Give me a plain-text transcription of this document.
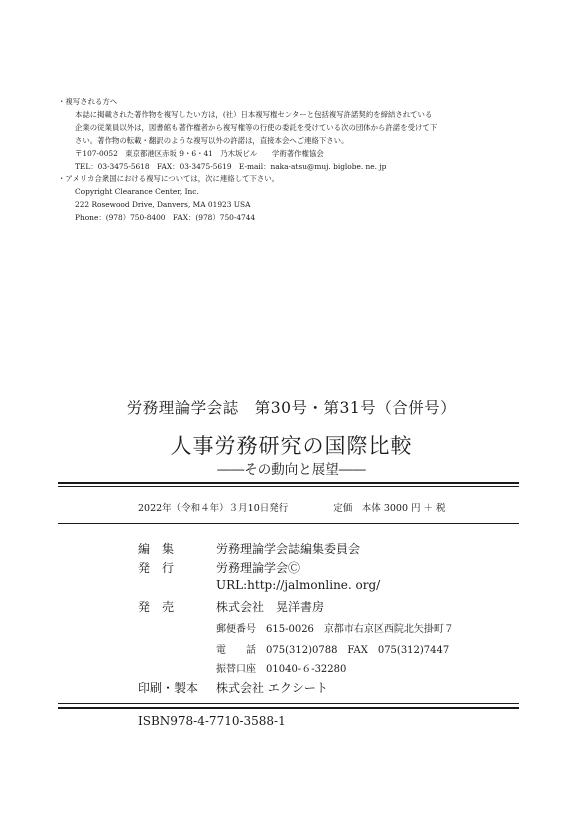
・複写される方へ
本誌に掲載された著作物を複写したい方は，(社）日本複写権センターと包括複写許諾契約を締結されている
企業の従業員以外は，図書館も著作権者から複写権等の行使の委託を受けている次の団体から許諾を受けて下
さい。著作物の転載・翻訳のような複写以外の許諾は，直接本会へご連絡下さい。
〒107-0052　東京都港区赤坂 9・6・41　乃木坂ビル　　学術著作権協会
TEL：03-3475-5618　FAX：03-3475-5619　E-mail：naka-atsu@muj. biglobe. ne. jp
・アメリカ合衆国における複写については，次に連絡して下さい。
Copyright Clearance Center, Inc.
222 Rosewood Drive, Danvers, MA 01923 USA
Phone：(978）750-8400　FAX：(978）750-4744
労務理論学会誌　第30号・第31号（合併号）
人事労務研究の国際比較
――その動向と展望――
2022年（令和４年）３月10日発行	定価　本体 3000 円 ＋ 税
編　集	労務理論学会誌編集委員会
発　行	労務理論学会Ⓒ
URL:http://jalmonline. org/
発　売	株式会社　晃洋書房
郵便番号　615-0026　京都市右京区西院北矢掛町７
電　　話　075(312)0788　FAX　075(312)7447
振替口座　01040-６-32280
印刷・製本 株式会社 エクシート
ISBN978-4-7710-3588-1
